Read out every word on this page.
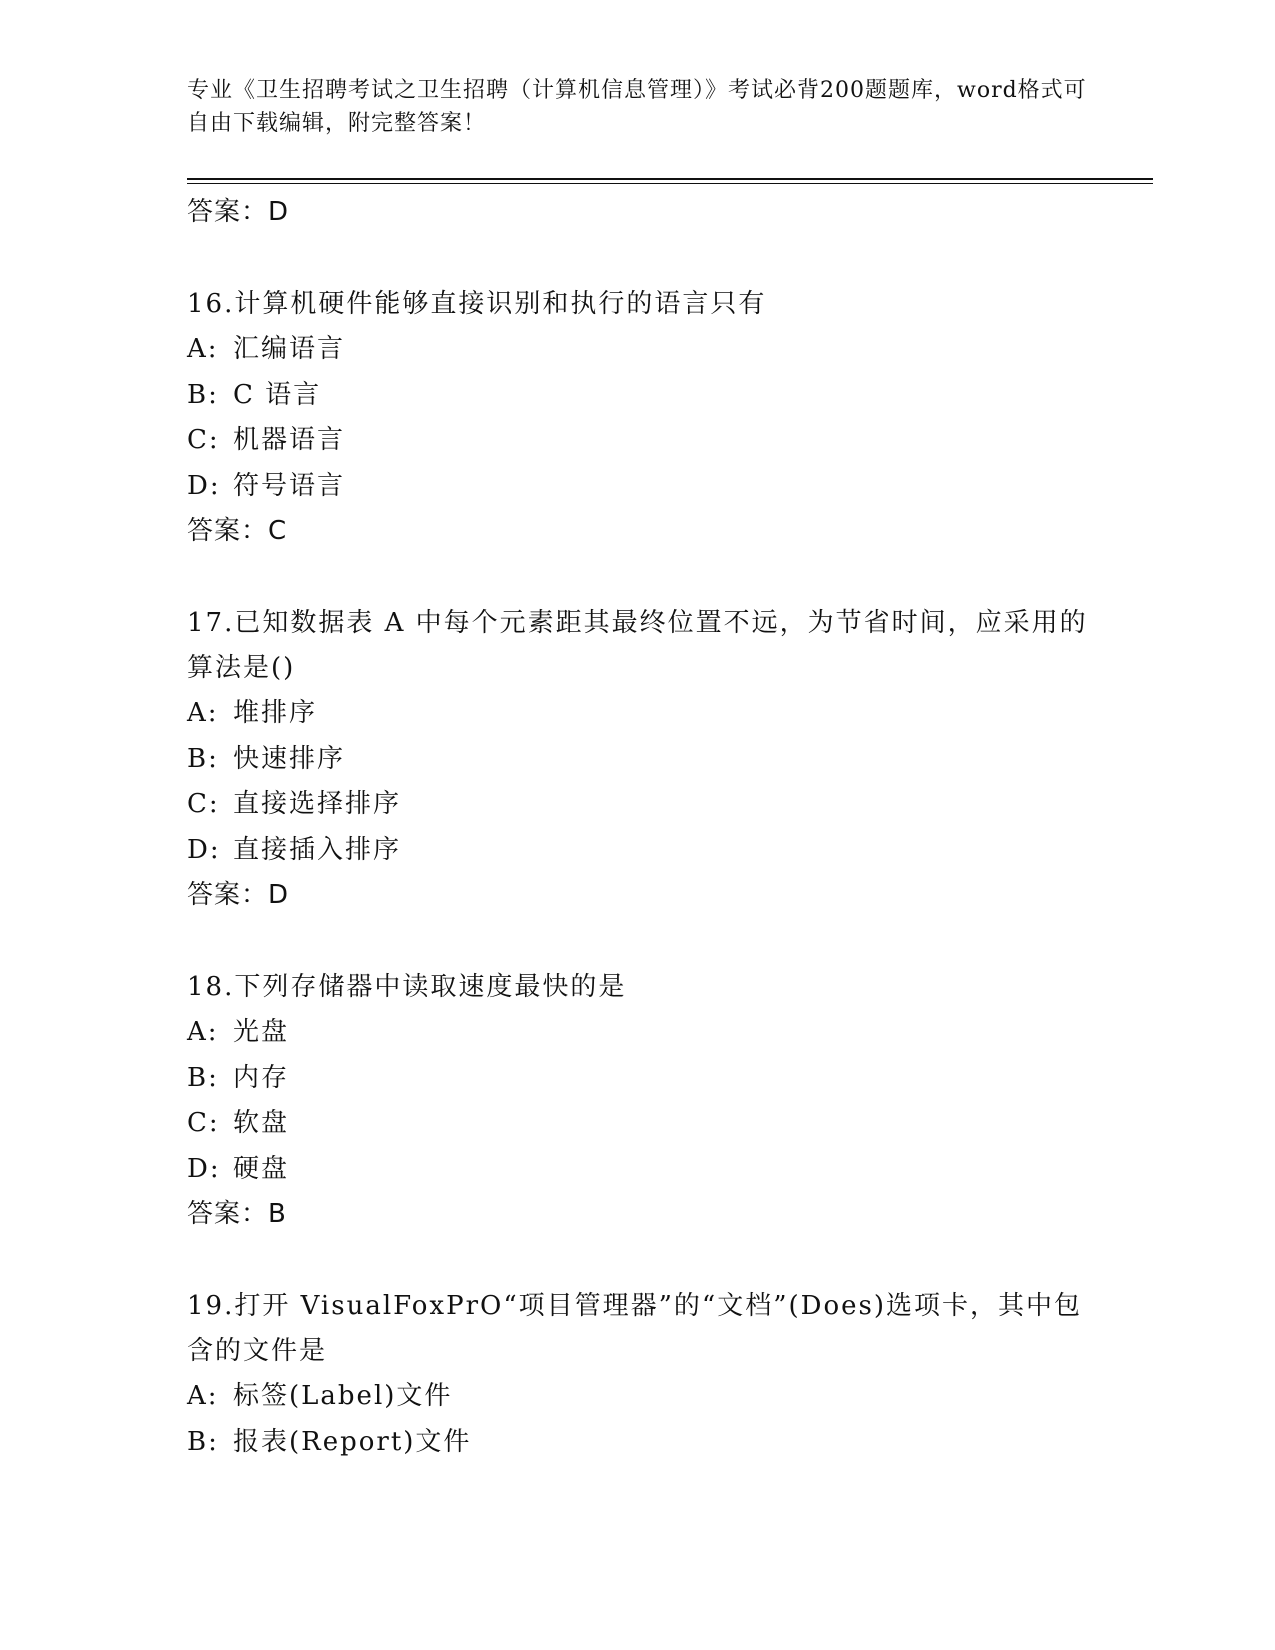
专业《卫生招聘考试之卫生招聘（计算机信息管理）》考试必背200题题库，word格式可自由下载编辑，附完整答案！
答案：D
16.计算机硬件能够直接识别和执行的语言只有
A: 汇编语言
B: C 语言
C: 机器语言
D: 符号语言
答案：C
17.已知数据表 A 中每个元素距其最终位置不远，为节省时间，应采用的算法是()
A: 堆排序
B: 快速排序
C: 直接选择排序
D: 直接插入排序
答案：D
18.下列存储器中读取速度最快的是
A: 光盘
B: 内存
C: 软盘
D: 硬盘
答案：B
19.打开 VisualFoxPrO“项目管理器”的“文档”(Does)选项卡，其中包含的文件是
A: 标签(Label)文件
B: 报表(Report)文件
